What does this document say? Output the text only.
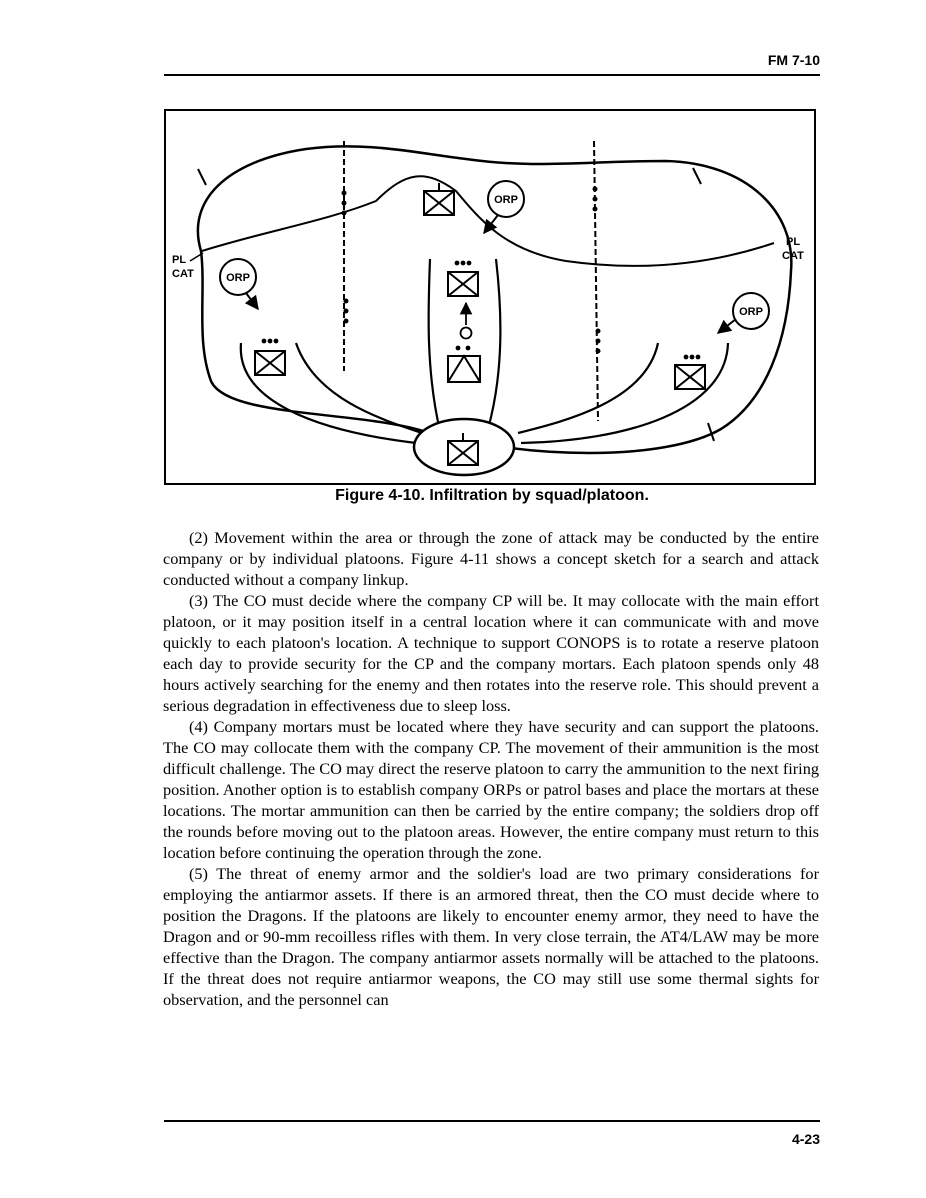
FM 7-10
ORP
ORP
ORP
PL
CAT
PL
CAT
Figure 4-10. Infiltration by squad/platoon.

(2) Movement within the area or through the zone of attack may be conducted by the entire company or by individual platoons. Figure 4-11 shows a concept sketch for a search and attack conducted without a company linkup.

(3) The CO must decide where the company CP will be. It may collocate with the main effort platoon, or it may position itself in a central location where it can communicate with and move quickly to each platoon's location. A technique to support CONOPS is to rotate a reserve platoon each day to provide security for the CP and the company mortars. Each platoon spends only 48 hours actively searching for the enemy and then rotates into the reserve role. This should prevent a serious degradation in effectiveness due to sleep loss.

(4) Company mortars must be located where they have security and can support the platoons. The CO may collocate them with the company CP. The movement of their ammunition is the most difficult challenge. The CO may direct the reserve platoon to carry the ammunition to the next firing position. Another option is to establish company ORPs or patrol bases and place the mortars at these locations. The mortar ammunition can then be carried by the entire company; the soldiers drop off the rounds before moving out to the platoon areas. However, the entire company must return to this location before continuing the operation through the zone.

(5) The threat of enemy armor and the soldier's load are two primary considerations for employing the antiarmor assets. If there is an armored threat, then the CO must decide where to position the Dragons. If the platoons are likely to encounter enemy armor, they need to have the Dragon and or 90-mm recoilless rifles with them. In very close terrain, the AT4/LAW may be more effective than the Dragon. The company antiarmor assets normally will be attached to the platoons. If the threat does not require antiarmor weapons, the CO may still use some thermal sights for observation, and the personnel can

4-23
